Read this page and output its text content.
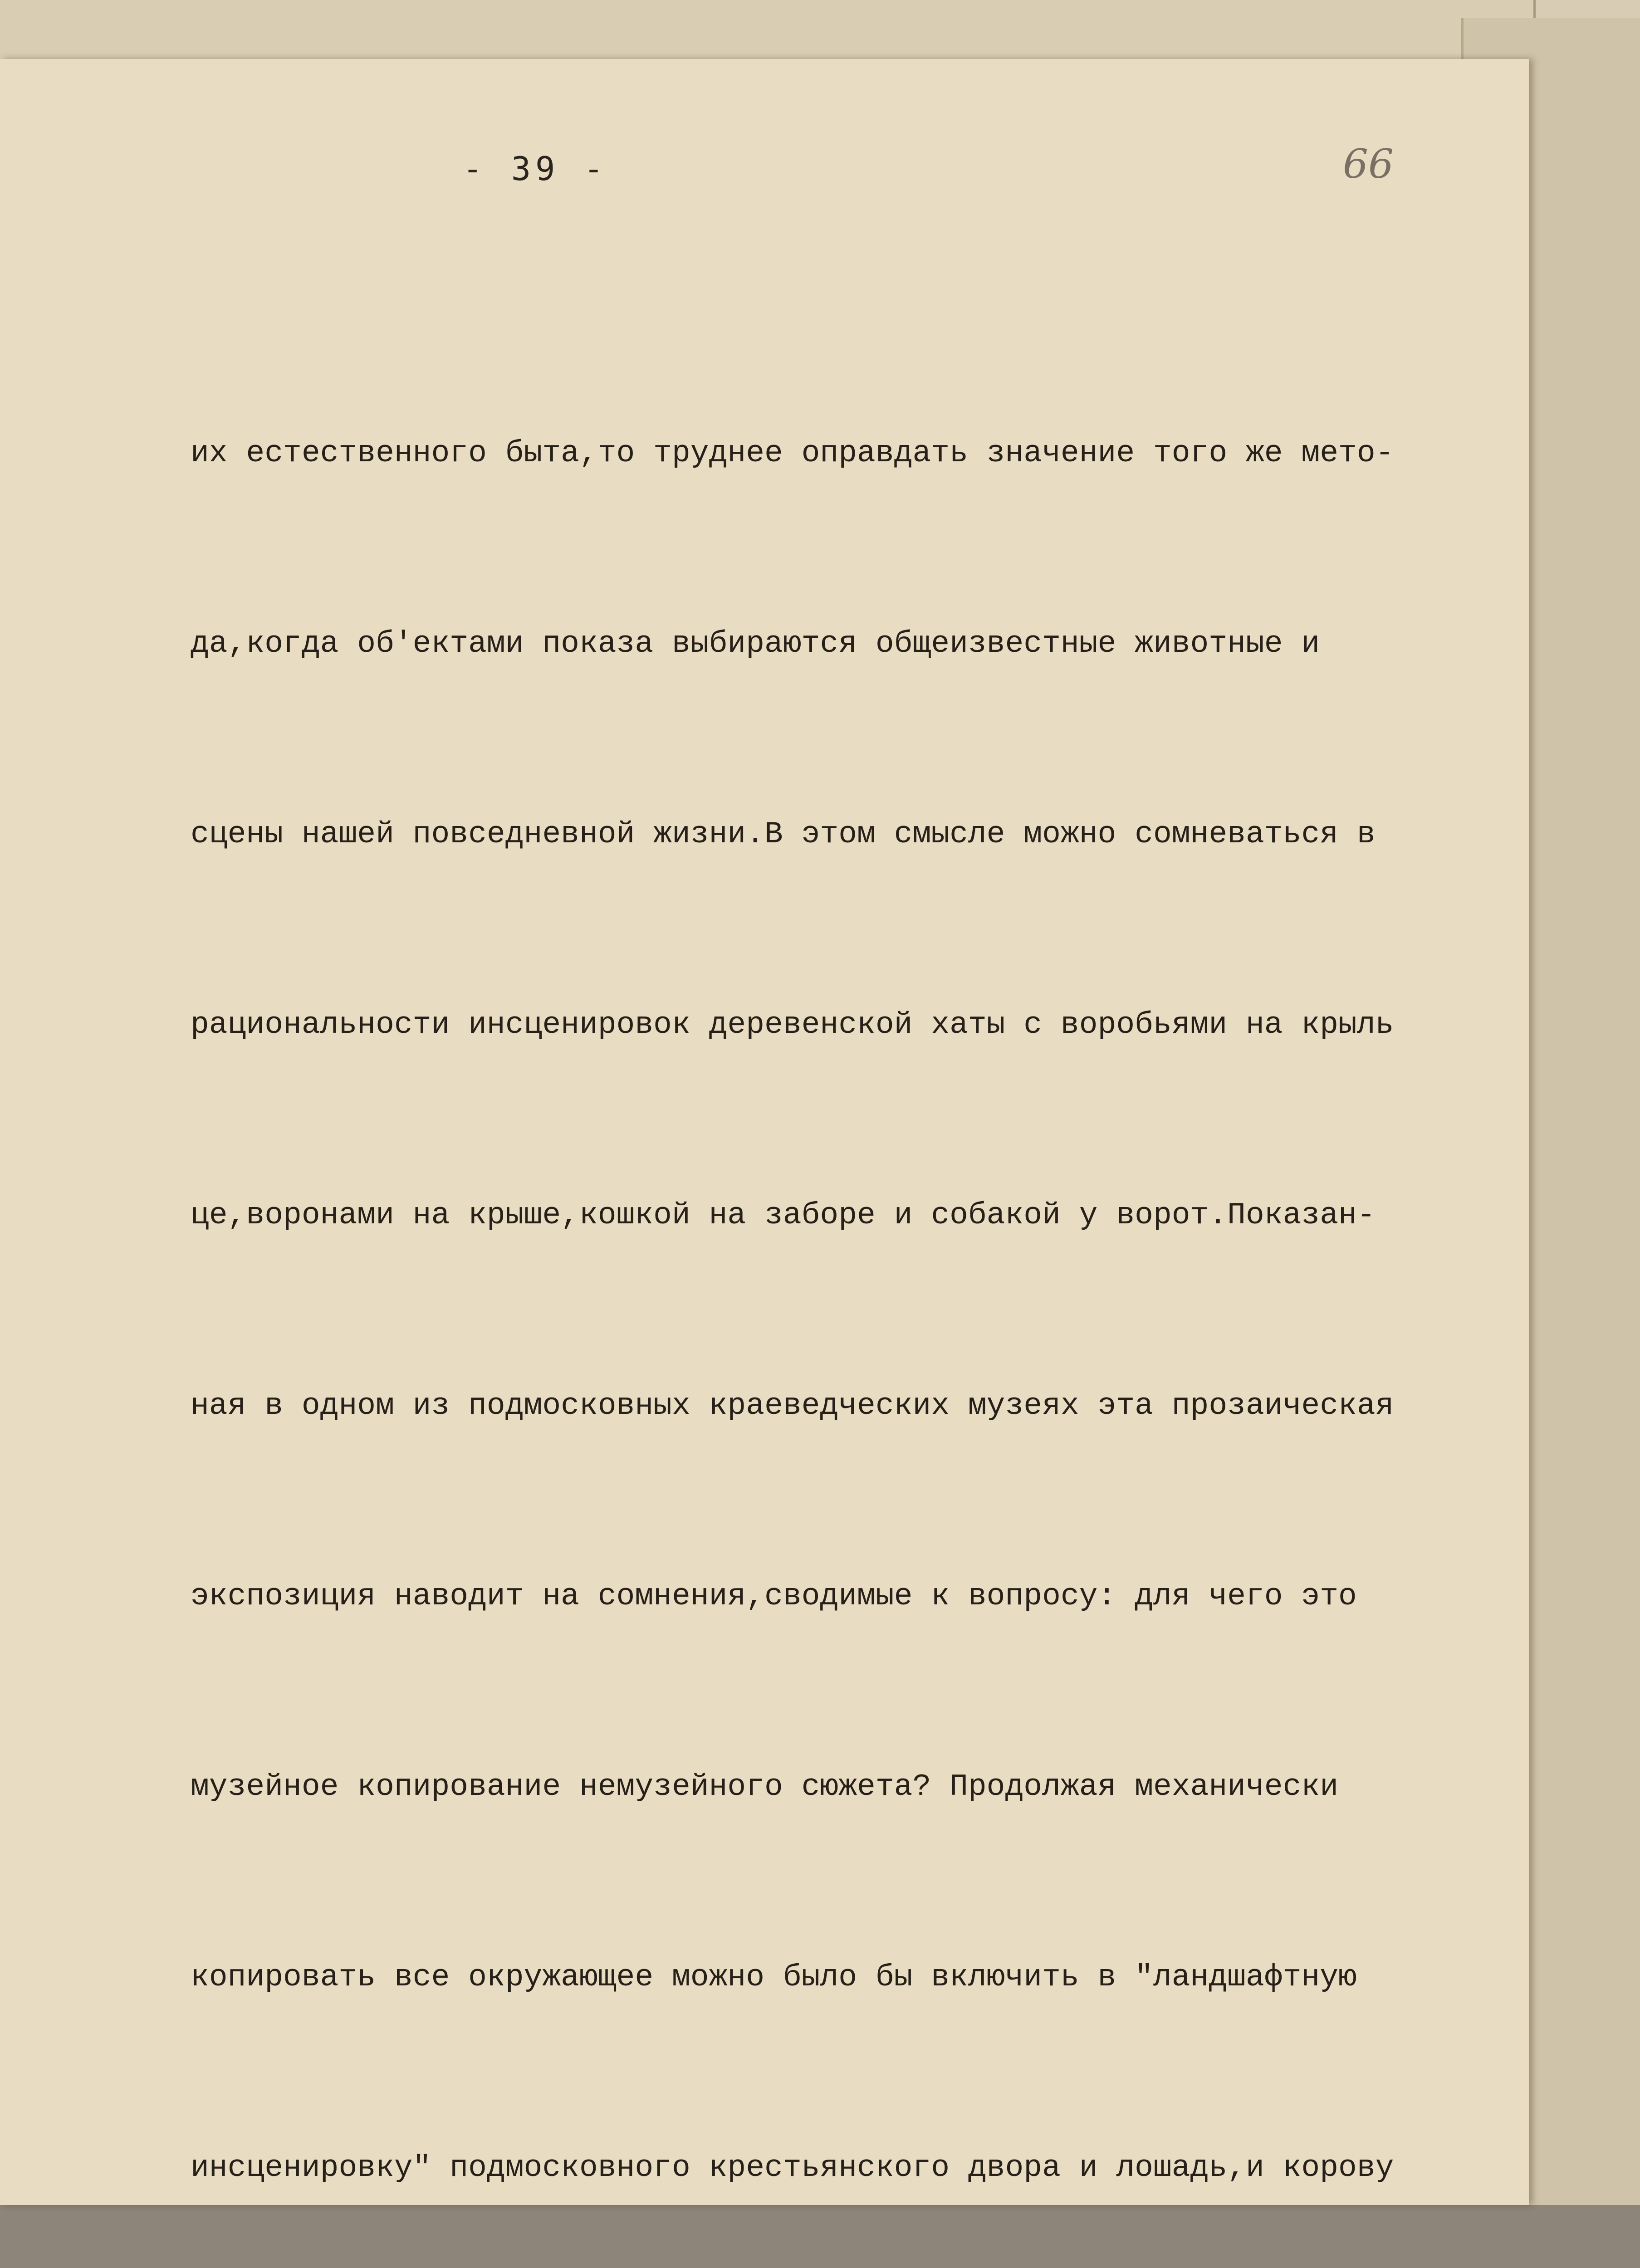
- 39 -	66

их естественного быта,то труднее оправдать значение того же мето-

да,когда об'ектами показа выбираются общеизвестные животные и

сцены нашей повседневной жизни.В этом смысле можно сомневаться в

рациональности инсценировок деревенской хаты с воробьями на крыль

це,воронами на крыше,кошкой на заборе и собакой у ворот.Показан-

ная в одном из подмосковных краеведческих музеях эта прозаическая

экспозиция наводит на сомнения,сводимые к вопросу: для чего это

музейное копирование немузейного сюжета? Продолжая механически

копировать все окружающее можно было бы включить в "ландшафтную

инсценировку" подмосковного крестьянского двора и лошадь,и корову
